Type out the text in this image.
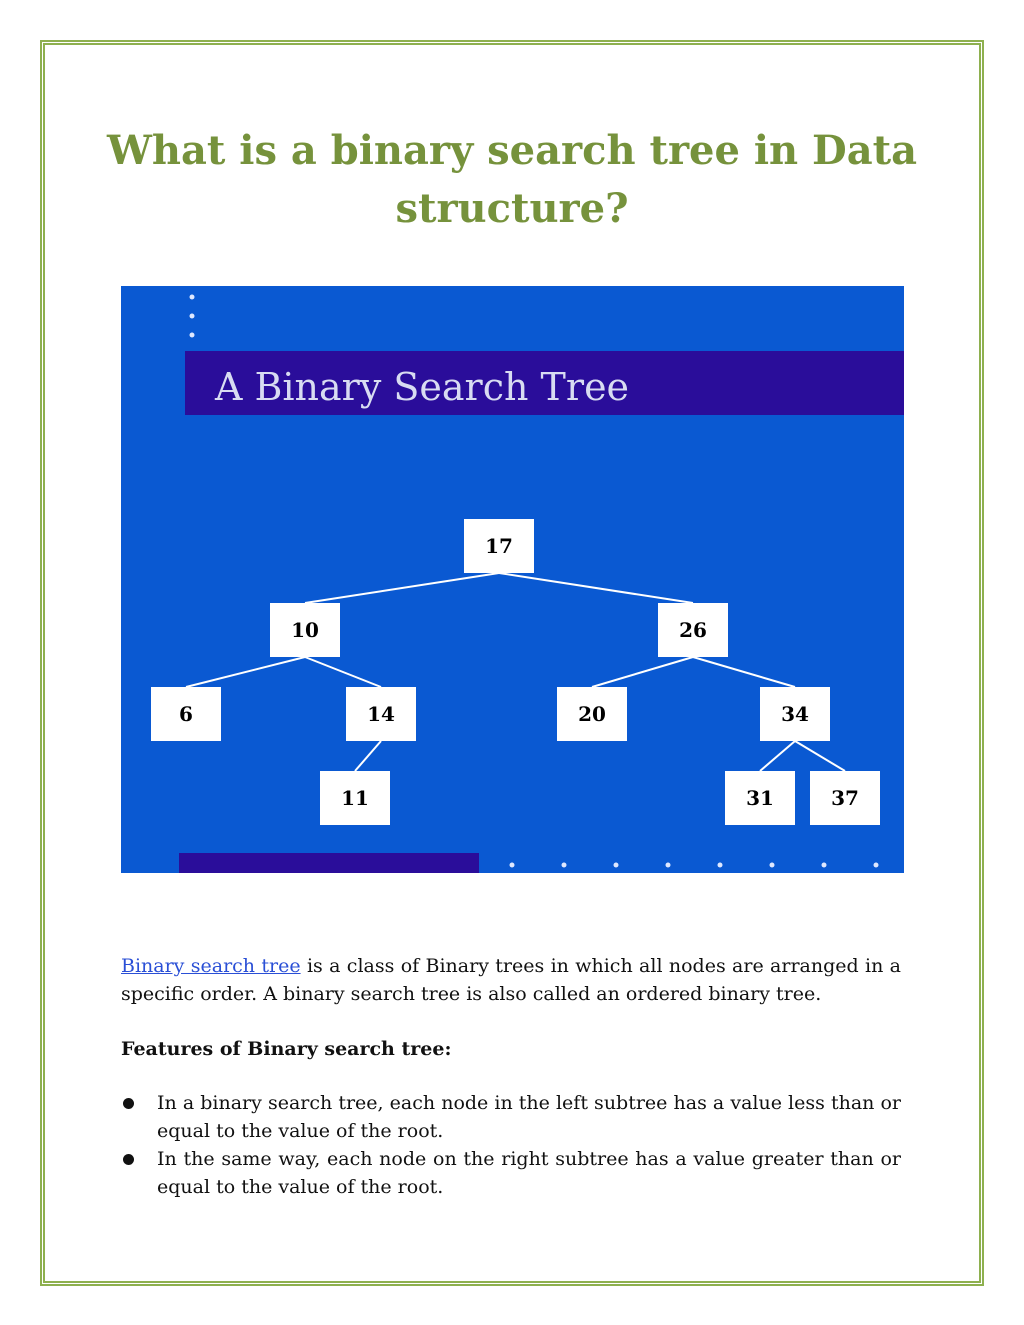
What is a binary search tree in Data structure?
A Binary Search Tree
17
10	26
6	14	20	34
11	31	37

Binary search tree is a class of Binary trees in which all nodes are arranged in a specific order. A binary search tree is also called an ordered binary tree.

Features of Binary search tree:

In a binary search tree, each node in the left subtree has a value less than or equal to the value of the root.
In the same way, each node on the right subtree has a value greater than or equal to the value of the root.
